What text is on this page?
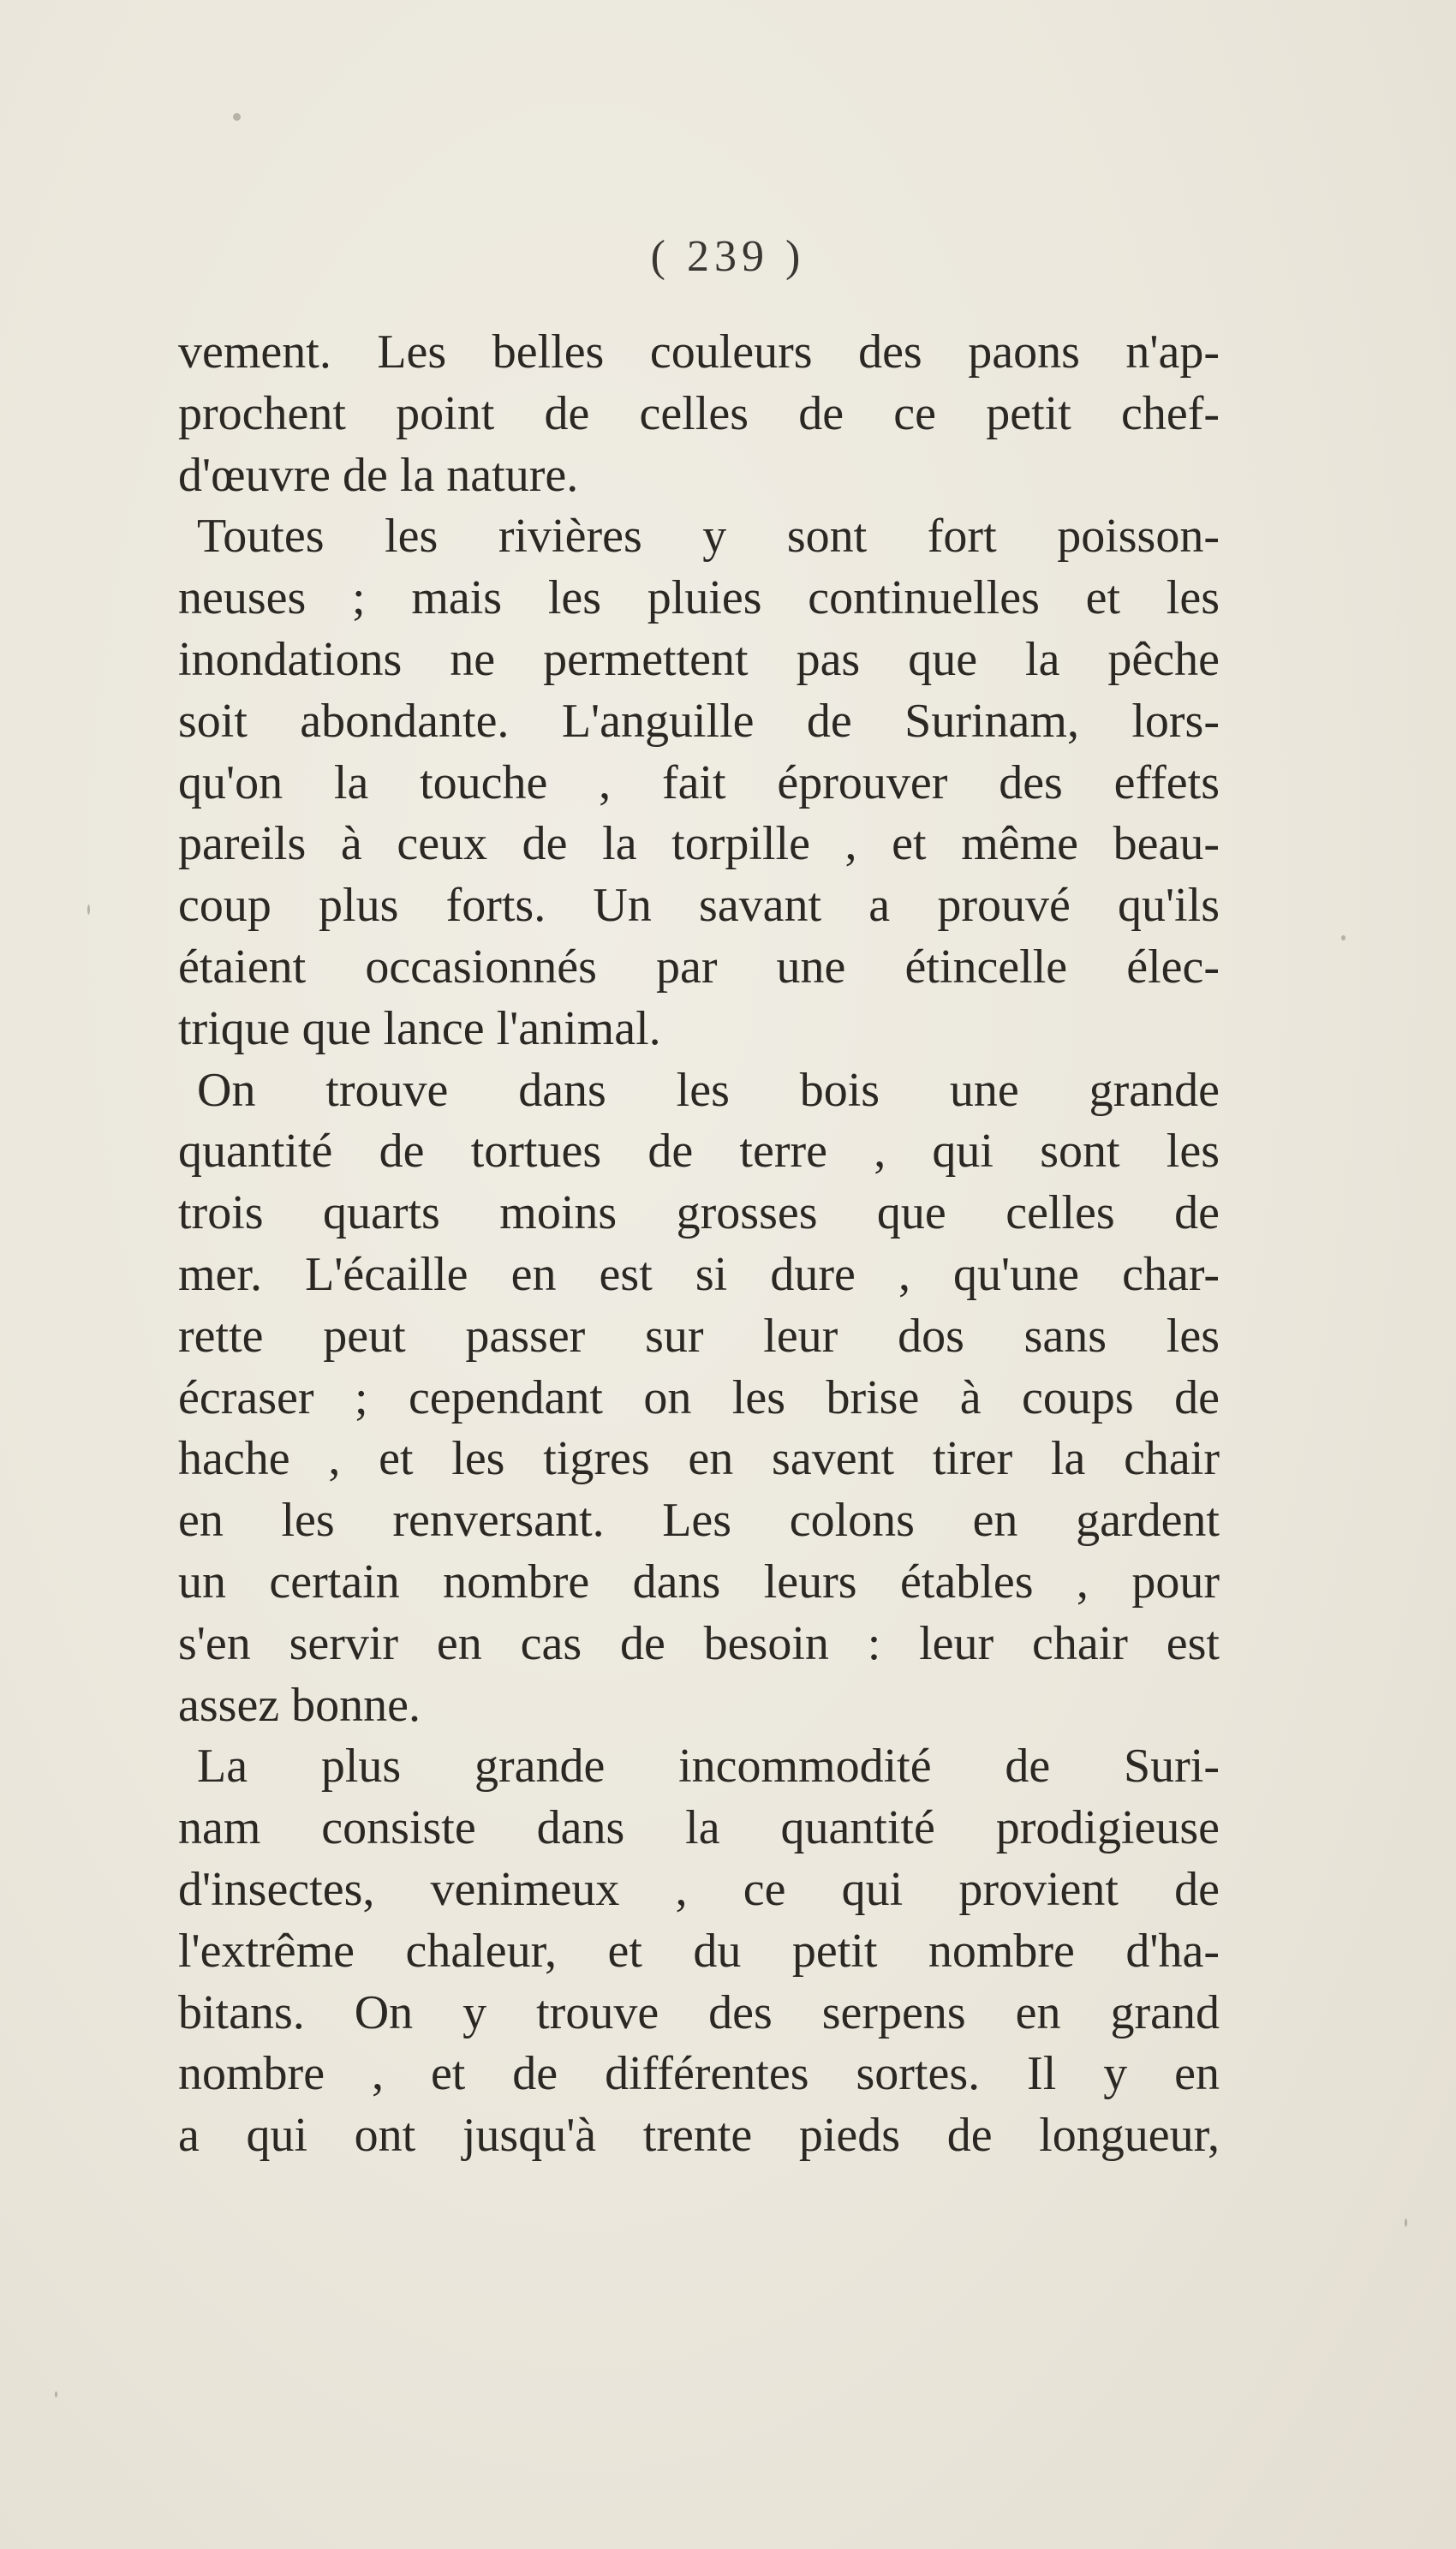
( 239 )
vement. Les belles couleurs des paons n'ap-
prochent point de celles de ce petit chef-
d'œuvre de la nature.
Toutes les rivières y sont fort poisson-
neuses ; mais les pluies continuelles et les
inondations ne permettent pas que la pêche
soit abondante. L'anguille de Surinam, lors-
qu'on la touche , fait éprouver des effets
pareils à ceux de la torpille , et même beau-
coup plus forts. Un savant a prouvé qu'ils
étaient occasionnés par une étincelle élec-
trique que lance l'animal.
On trouve dans les bois une grande
quantité de tortues de terre , qui sont les
trois quarts moins grosses que celles de
mer. L'écaille en est si dure , qu'une char-
rette peut passer sur leur dos sans les
écraser ; cependant on les brise à coups de
hache , et les tigres en savent tirer la chair
en les renversant. Les colons en gardent
un certain nombre dans leurs étables , pour
s'en servir en cas de besoin : leur chair est
assez bonne.
La plus grande incommodité de Suri-
nam consiste dans la quantité prodigieuse
d'insectes, venimeux , ce qui provient de
l'extrême chaleur, et du petit nombre d'ha-
bitans. On y trouve des serpens en grand
nombre , et de différentes sortes. Il y en
a qui ont jusqu'à trente pieds de longueur,
